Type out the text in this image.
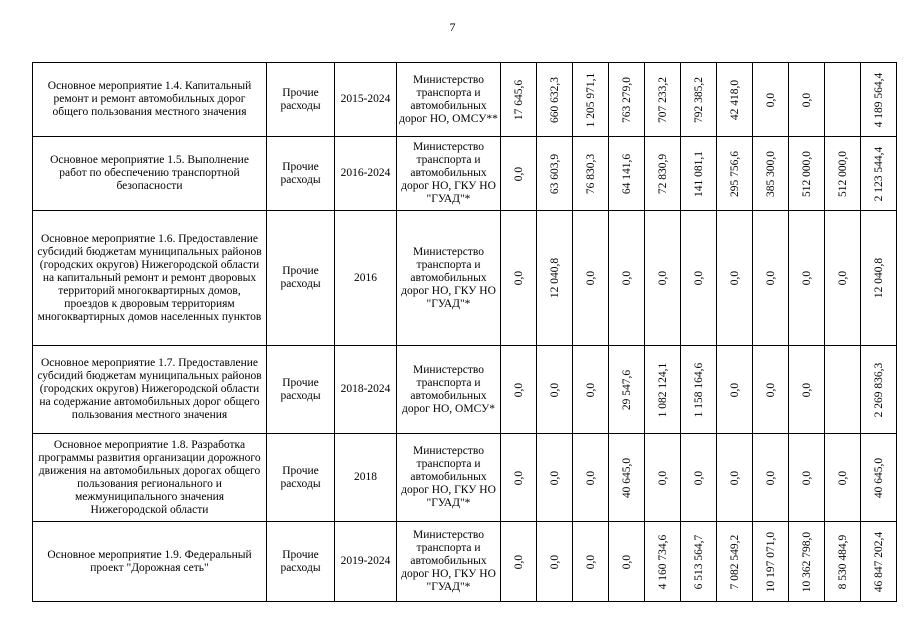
7
Основное мероприятие 1.4. Капитальный ремонт и ремонт автомобильных дорог общего пользования местного значения	Прочие расходы	2015-2024	Министерство транспорта и автомобильных дорог НО, ОМСУ**	17 645,6	660 632,3	1 205 971,1	763 279,0	707 233,2	792 385,2	42 418,0	0,0	0,0		4 189 564,4

Основное мероприятие 1.5. Выполнение работ по обеспечению транспортной безопасности	Прочие расходы	2016-2024	Министерство транспорта и автомобильных дорог НО, ГКУ НО "ГУАД"*	0,0	63 603,9	76 830,3	64 141,6	72 830,9	141 081,1	295 756,6	385 300,0	512 000,0	512 000,0	2 123 544,4

Основное мероприятие 1.6. Предоставление субсидий бюджетам муниципальных районов (городских округов) Нижегородской области на капитальный ремонт и ремонт дворовых территорий многоквартирных домов, проездов к дворовым территориям многоквартирных домов населенных пунктов	Прочие расходы	2016	Министерство транспорта и автомобильных дорог НО, ГКУ НО "ГУАД"*	0,0	12 040,8	0,0	0,0	0,0	0,0	0,0	0,0	0,0	0,0	12 040,8

Основное мероприятие 1.7. Предоставление субсидий бюджетам муниципальных районов (городских округов) Нижегородской области на содержание автомобильных дорог общего пользования местного значения	Прочие расходы	2018-2024	Министерство транспорта и автомобильных дорог НО, ОМСУ*	0,0	0,0	0,0	29 547,6	1 082 124,1	1 158 164,6	0,0	0,0	0,0		2 269 836,3

Основное мероприятие 1.8. Разработка программы развития организации дорожного движения на автомобильных дорогах общего пользования регионального и межмуниципального значения Нижегородской области	Прочие расходы	2018	Министерство транспорта и автомобильных дорог НО, ГКУ НО "ГУАД"*	0,0	0,0	0,0	40 645,0	0,0	0,0	0,0	0,0	0,0	0,0	40 645,0

Основное мероприятие 1.9. Федеральный проект "Дорожная сеть"	Прочие расходы	2019-2024	Министерство транспорта и автомобильных дорог НО, ГКУ НО "ГУАД"*	0,0	0,0	0,0	0,0	4 160 734,6	6 513 564,7	7 082 549,2	10 197 071,0	10 362 798,0	8 530 484,9	46 847 202,4
